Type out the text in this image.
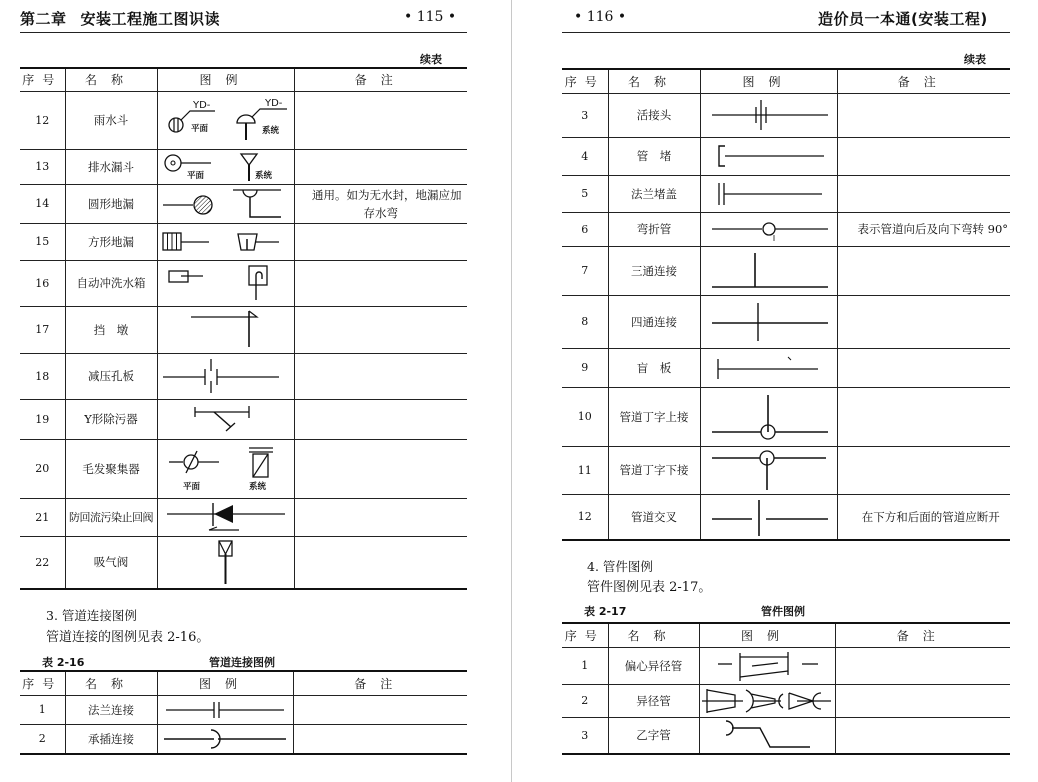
第二章 安装工程施工图识读	• 115 •
续表
序号	名称	图例	备注
12	雨水斗	YD-
平面
YD-
系统	

13	排水漏斗	平面 系统	

14	圆形地漏		通用。如为无水封，地漏应加存水弯
15	方形地漏	

16	自动冲洗水箱	

17	挡　墩	

18	减压孔板	

19	Y形除污器	

20	毛发聚集器	平面 系统	

21	防回流污染止回阀	

22	吸气阀	

3. 管道连接图例
管道连接的图例见表 2-16。
表 2-16	管道连接图例
序号	名称	图例	备注
1	法兰连接	

2	承插连接	

• 116 •	造价员一本通(安装工程)
续表
序号	名称	图例	备注
3	活接头	

4	管　堵	

5	法兰堵盖	

6	弯折管		表示管道向后及向下弯转 90°
7	三通连接	

8	四通连接	

9	盲　板	

10	管道丁字上接	

11	管道丁字下接	

12	管道交叉		在下方和后面的管道应断开
4. 管件图例
管件图例见表 2-17。
表 2-17	管件图例
序号	名称	图例	备注
1	偏心异径管	

2	异径管	

3	乙字管	
